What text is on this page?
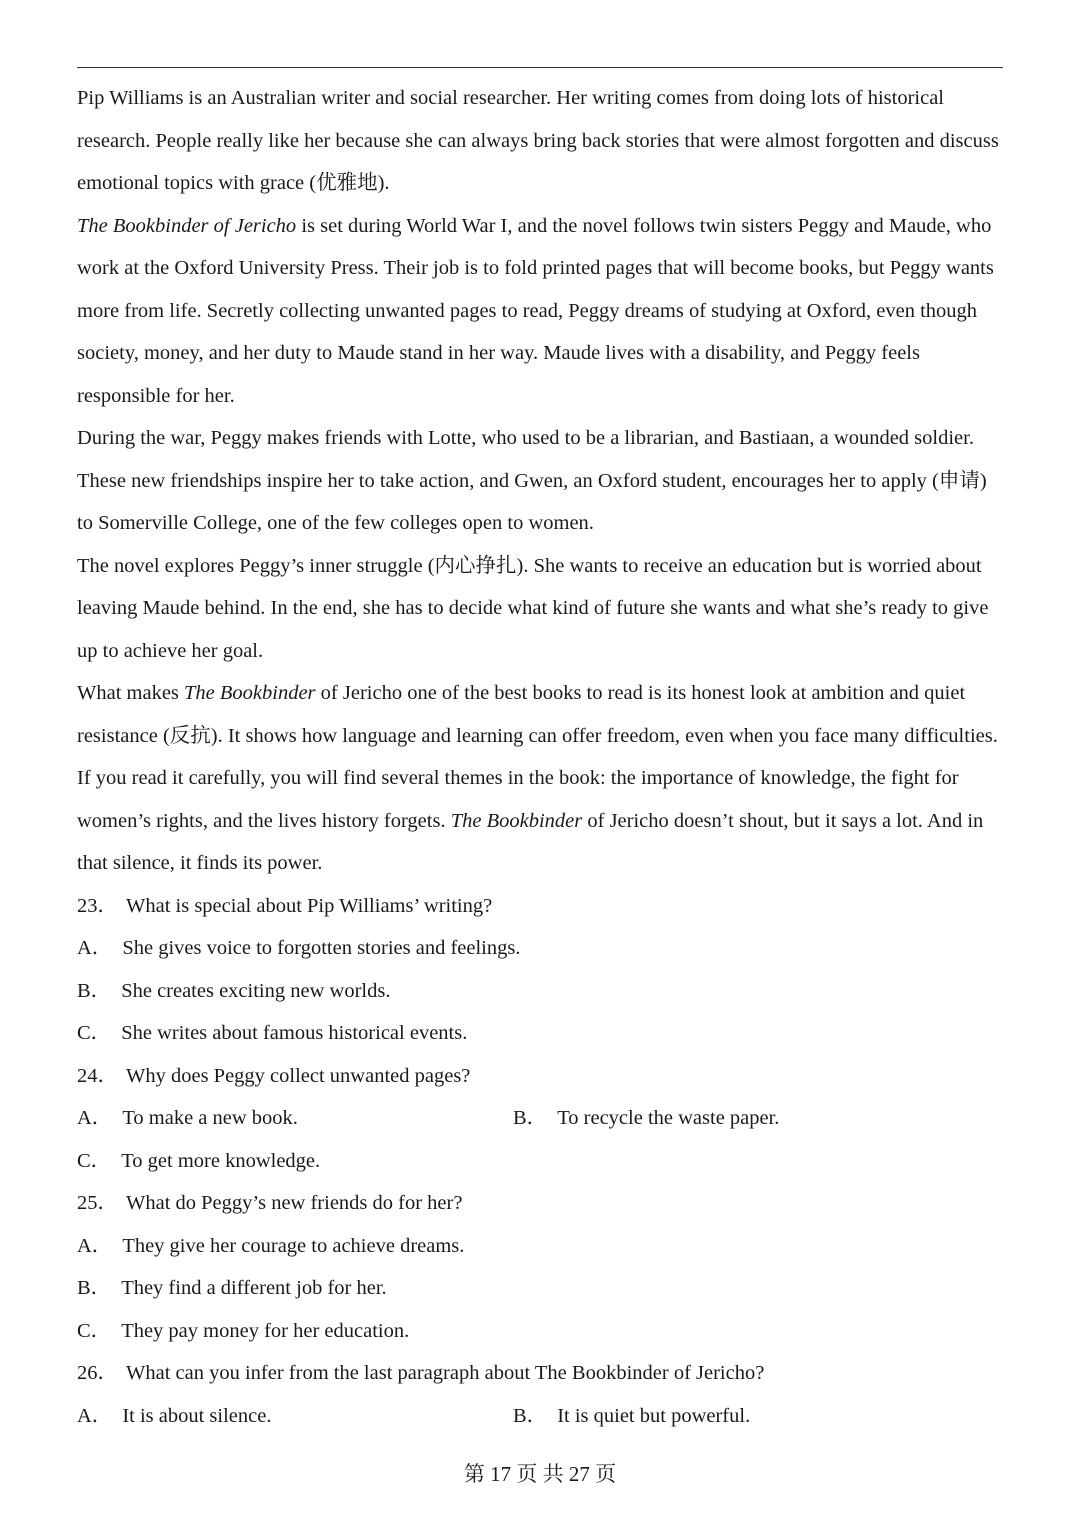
Pip Williams is an Australian writer and social researcher. Her writing comes from doing lots of historical research. People really like her because she can always bring back stories that were almost forgotten and discuss emotional topics with grace (优雅地).

The Bookbinder of Jericho is set during World War I, and the novel follows twin sisters Peggy and Maude, who work at the Oxford University Press. Their job is to fold printed pages that will become books, but Peggy wants more from life. Secretly collecting unwanted pages to read, Peggy dreams of studying at Oxford, even though society, money, and her duty to Maude stand in her way. Maude lives with a disability, and Peggy feels responsible for her.

During the war, Peggy makes friends with Lotte, who used to be a librarian, and Bastiaan, a wounded soldier. These new friendships inspire her to take action, and Gwen, an Oxford student, encourages her to apply (申请) to Somerville College, one of the few colleges open to women.

The novel explores Peggy’s inner struggle (内心挣扎). She wants to receive an education but is worried about leaving Maude behind. In the end, she has to decide what kind of future she wants and what she’s ready to give up to achieve her goal.

What makes The Bookbinder of Jericho one of the best books to read is its honest look at ambition and quiet resistance (反抗). It shows how language and learning can offer freedom, even when you face many difficulties. If you read it carefully, you will find several themes in the book: the importance of knowledge, the fight for women’s rights, and the lives history forgets. The Bookbinder of Jericho doesn’t shout, but it says a lot. And in that silence, it finds its power.

23． What is special about Pip Williams’ writing?
A． She gives voice to forgotten stories and feelings.
B． She creates exciting new worlds.
C． She writes about famous historical events.
24． Why does Peggy collect unwanted pages?
A． To make a new book.	B． To recycle the waste paper.
C． To get more knowledge.
25． What do Peggy’s new friends do for her?
A． They give her courage to achieve dreams.
B． They find a different job for her.
C． They pay money for her education.
26． What can you infer from the last paragraph about The Bookbinder of Jericho?
A． It is about silence.	B． It is quiet but powerful.
第 17 页 共 27 页
